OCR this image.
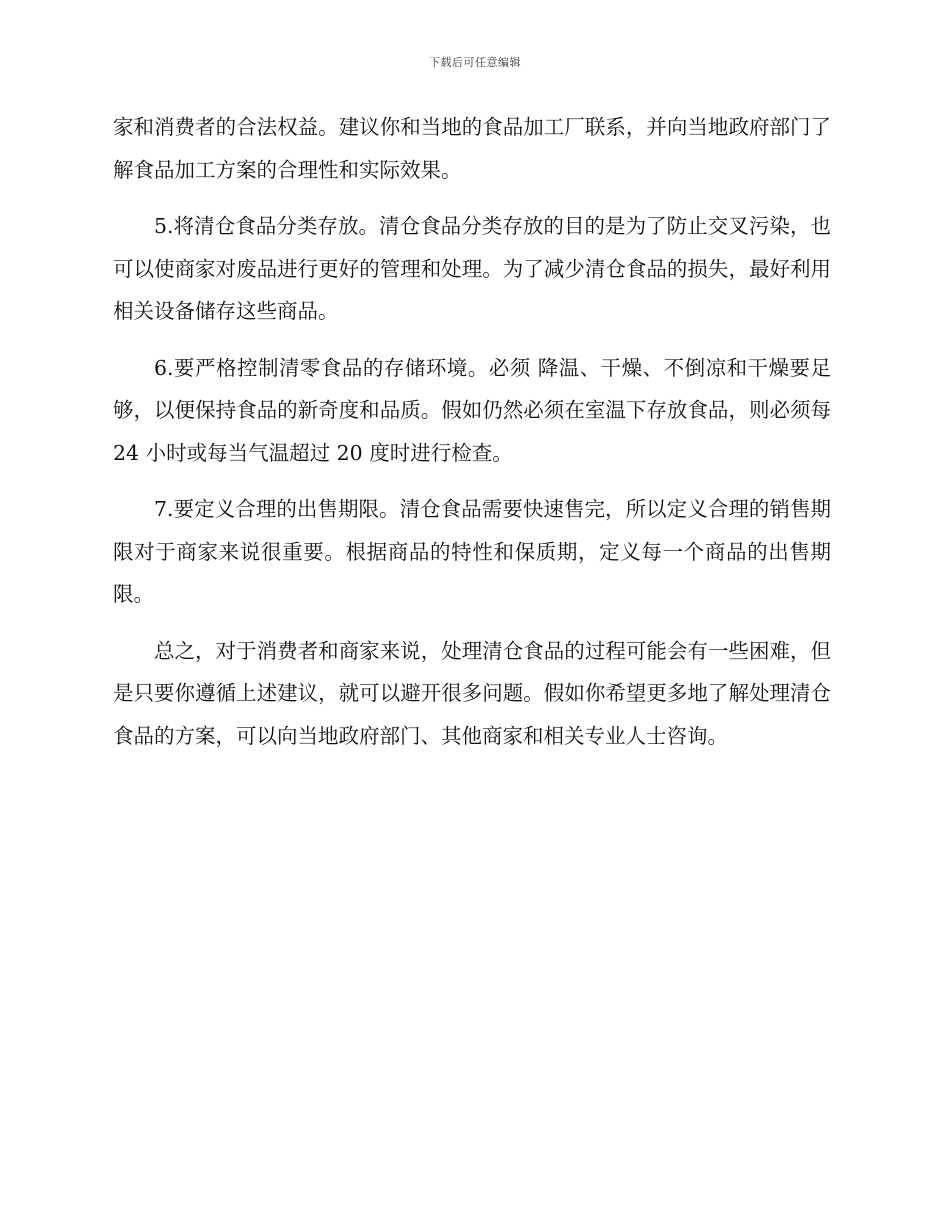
下载后可任意编辑

家和消费者的合法权益。建议你和当地的食品加工厂联系，并向当地政府部门了解食品加工方案的合理性和实际效果。

5.将清仓食品分类存放。清仓食品分类存放的目的是为了防止交叉污染，也可以使商家对废品进行更好的管理和处理。为了减少清仓食品的损失，最好利用相关设备储存这些商品。

6.要严格控制清零食品的存储环境。必须 降温、干燥、不倒凉和干燥要足够，以便保持食品的新奇度和品质。假如仍然必须在室温下存放食品，则必须每 24 小时或每当气温超过 20 度时进行检查。

7.要定义合理的出售期限。清仓食品需要快速售完，所以定义合理的销售期限对于商家来说很重要。根据商品的特性和保质期，定义每一个商品的出售期限。

总之，对于消费者和商家来说，处理清仓食品的过程可能会有一些困难，但是只要你遵循上述建议，就可以避开很多问题。假如你希望更多地了解处理清仓食品的方案，可以向当地政府部门、其他商家和相关专业人士咨询。
